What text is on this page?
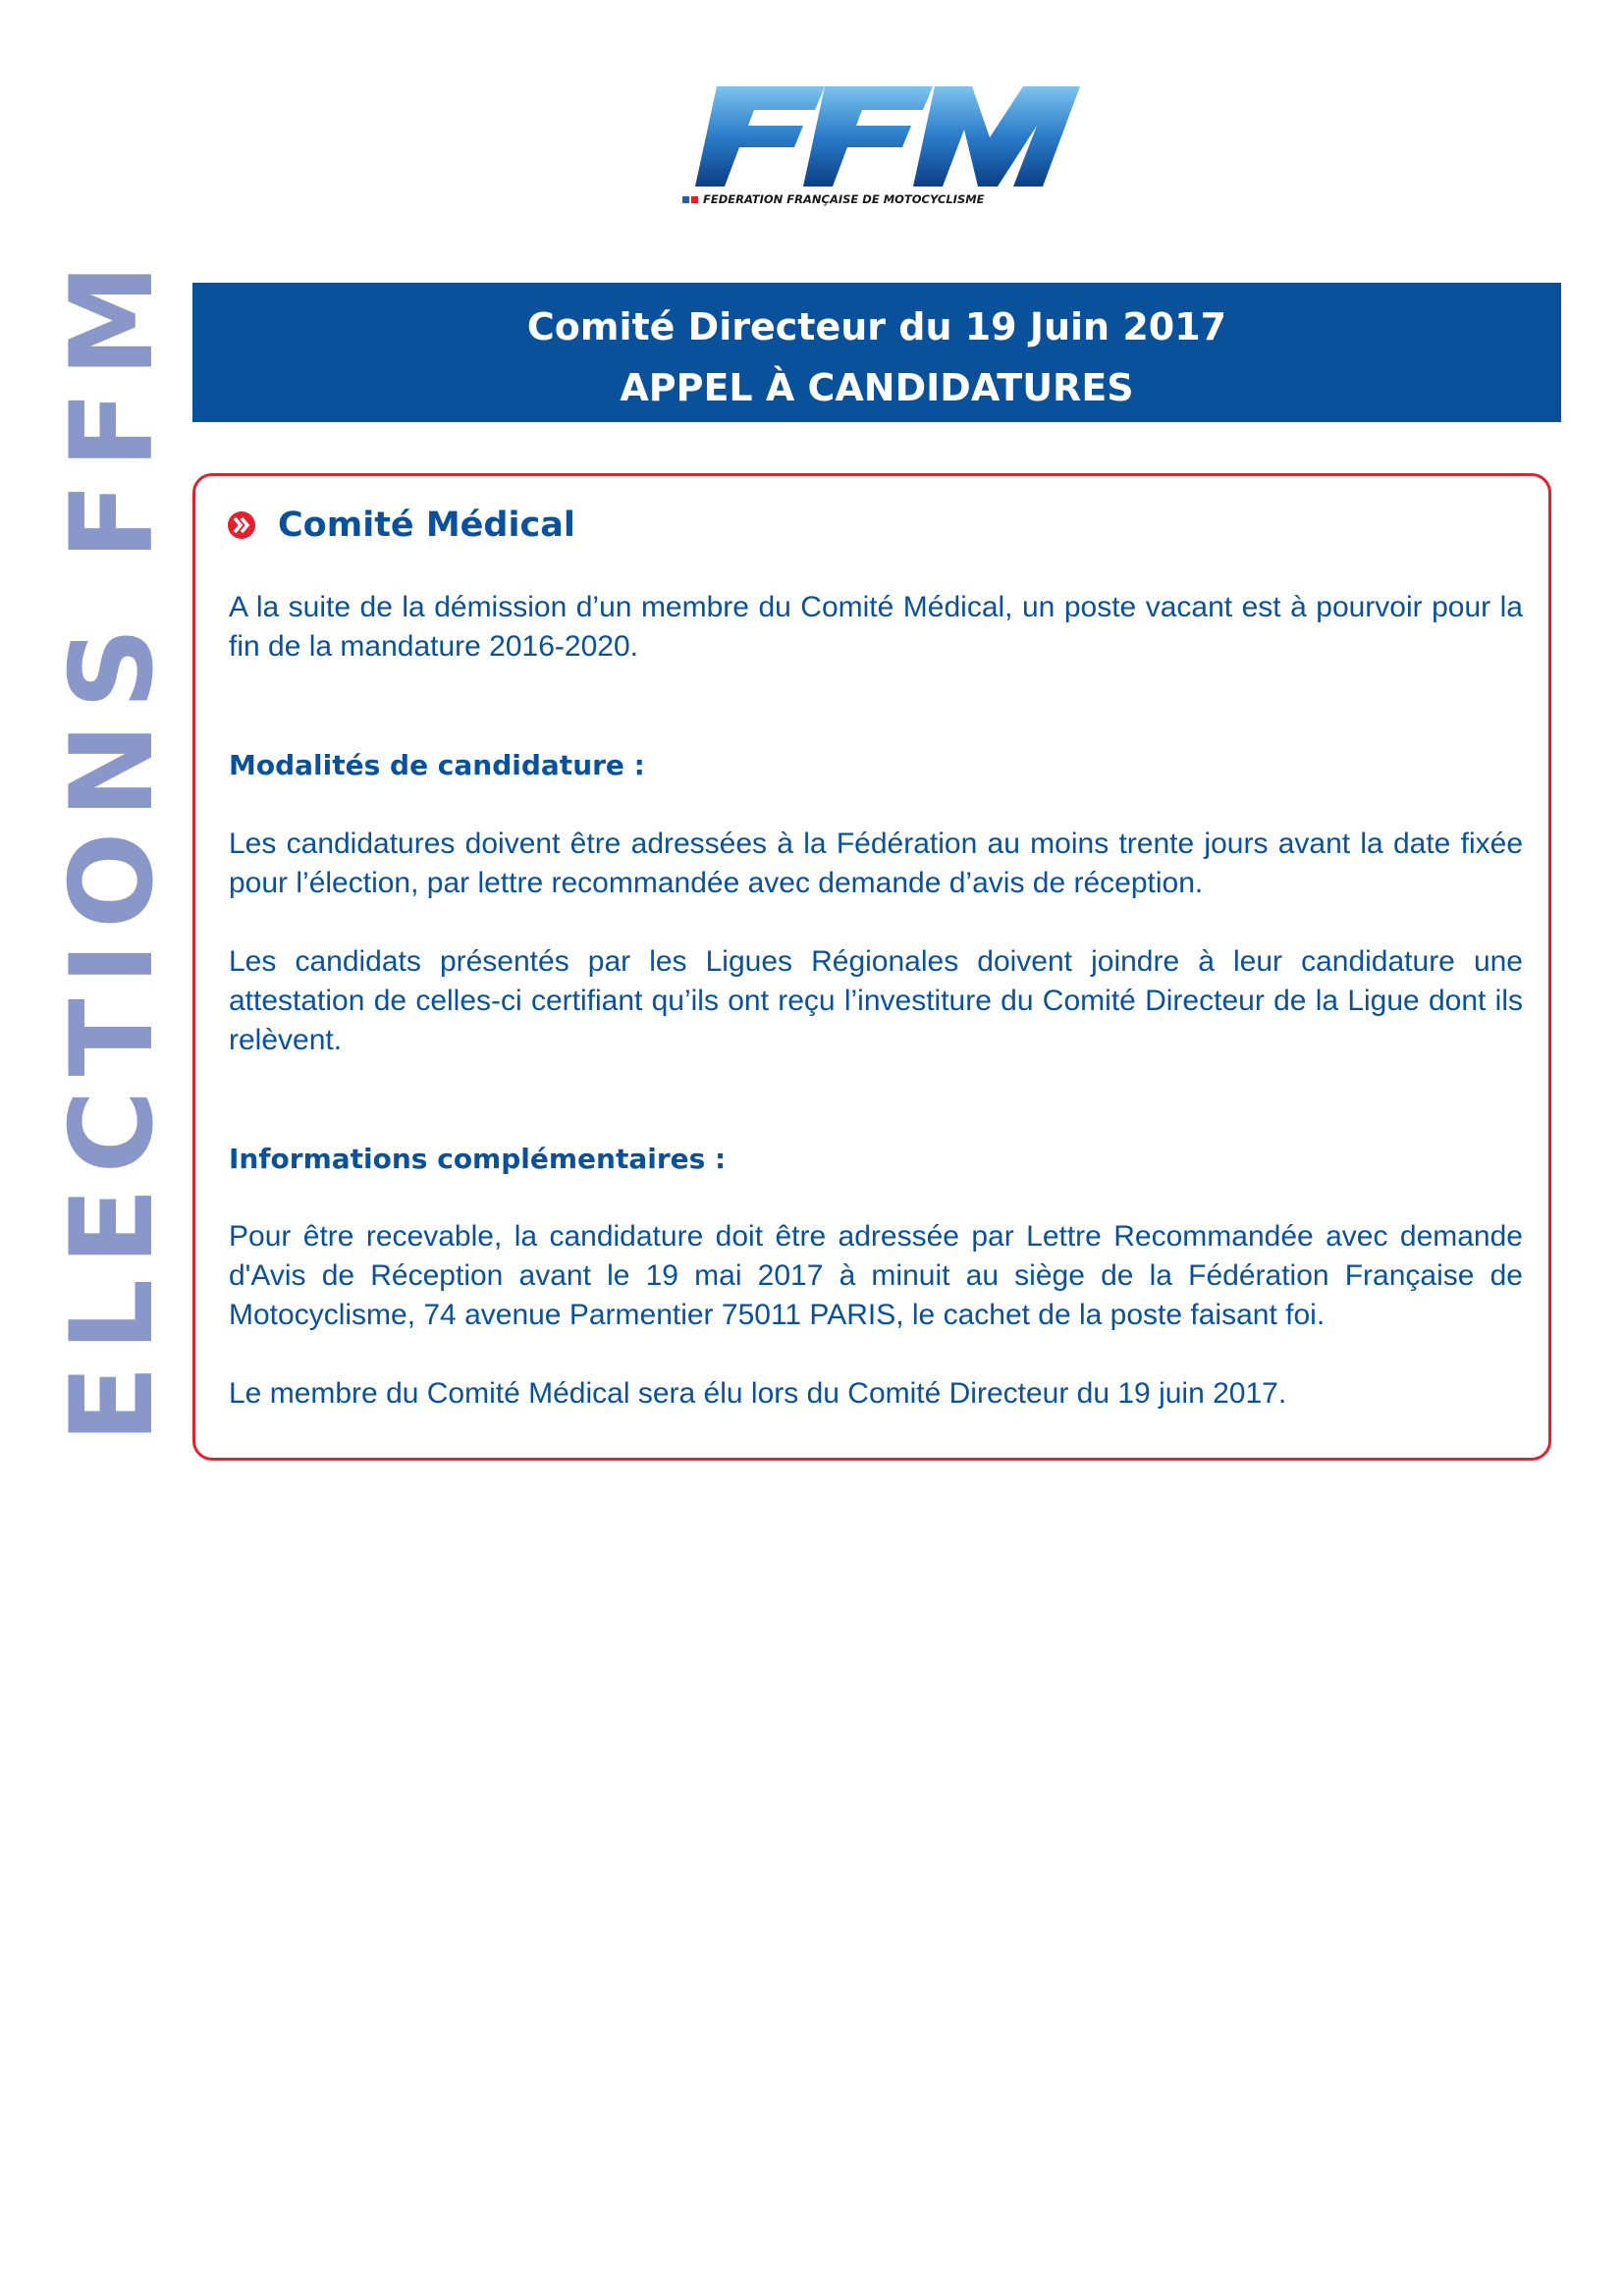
FEDERATION FRANÇAISE DE MOTOCYCLISME
ELECTIONS FFM	Comité Directeur du 19 Juin 2017
APPEL À CANDIDATURES
Comité Médical

A la suite de la démission d’un membre du Comité Médical, un poste vacant est à pourvoir pour la fin de la mandature 2016-2020.

Modalités de candidature :

Les candidatures doivent être adressées à la Fédération au moins trente jours avant la date fixée pour l’élection, par lettre recommandée avec demande d’avis de réception.

Les candidats présentés par les Ligues Régionales doivent joindre à leur candidature une attestation de celles-ci certifiant qu’ils ont reçu l’investiture du Comité Directeur de la Ligue dont ils relèvent.

Informations complémentaires :

Pour être recevable, la candidature doit être adressée par Lettre Recommandée avec demande d'Avis de Réception avant le 19 mai 2017 à minuit au siège de la Fédération Française de Motocyclisme, 74 avenue Parmentier 75011 PARIS, le cachet de la poste faisant foi.

Le membre du Comité Médical sera élu lors du Comité Directeur du 19 juin 2017.
